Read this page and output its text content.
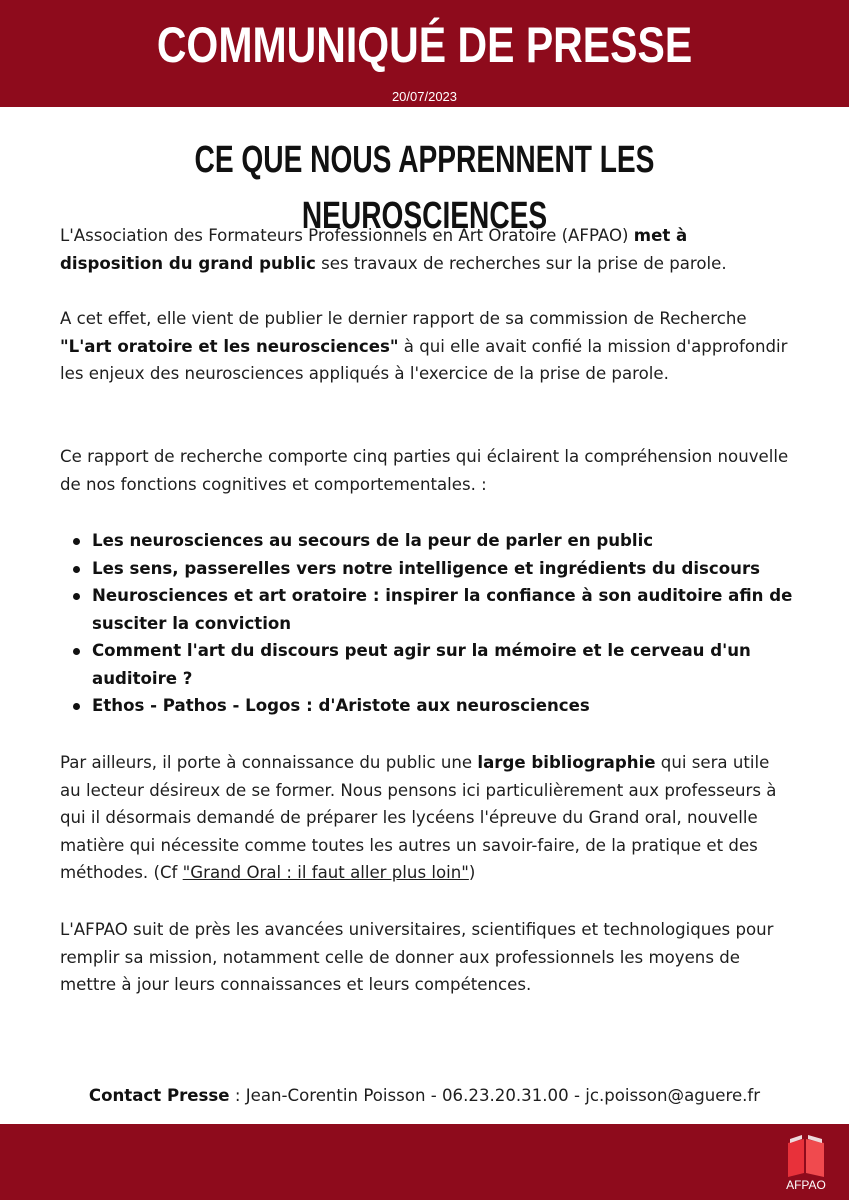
COMMUNIQUÉ DE PRESSE
20/07/2023
CE QUE NOUS APPRENNENT LES NEUROSCIENCES

L'Association des Formateurs Professionnels en Art Oratoire (AFPAO) met à disposition du grand public ses travaux de recherches sur la prise de parole.

A cet effet, elle vient de publier le dernier rapport de sa commission de Recherche "L'art oratoire et les neurosciences" à qui elle avait confié la mission d'approfondir les enjeux des neurosciences appliqués à l'exercice de la prise de parole.

Ce rapport de recherche comporte cinq parties qui éclairent la compréhension nouvelle de nos fonctions cognitives et comportementales. :

Les neurosciences au secours de la peur de parler en public
Les sens, passerelles vers notre intelligence et ingrédients du discours
Neurosciences et art oratoire : inspirer la confiance à son auditoire afin de susciter la conviction
Comment l'art du discours peut agir sur la mémoire et le cerveau d'un auditoire ?
Ethos - Pathos - Logos : d'Aristote aux neurosciences

Par ailleurs, il porte à connaissance du public une large bibliographie qui sera utile au lecteur désireux de se former. Nous pensons ici particulièrement aux professeurs à qui il désormais demandé de préparer les lycéens l'épreuve du Grand oral, nouvelle matière qui nécessite comme toutes les autres un savoir-faire, de la pratique et des méthodes. (Cf "Grand Oral : il faut aller plus loin")

L'AFPAO suit de près les avancées universitaires, scientifiques et technologiques pour remplir sa mission, notamment celle de donner aux professionnels les moyens de mettre à jour leurs connaissances et leurs compétences.

Contact Presse : Jean-Corentin Poisson - 06.23.20.31.00 - jc.poisson@aguere.fr
AFPAO
